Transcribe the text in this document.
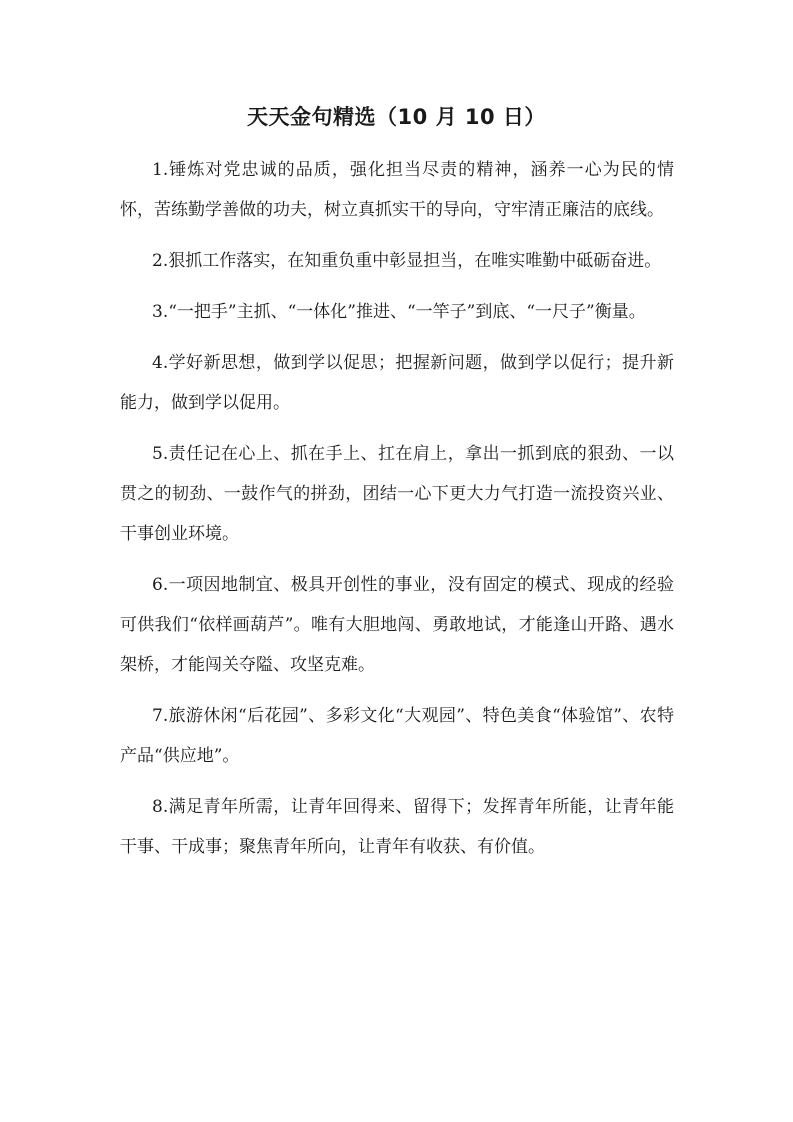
天天金句精选（10 月 10 日）

1.锤炼对党忠诚的品质，强化担当尽责的精神，涵养一心为民的情怀，苦练勤学善做的功夫，树立真抓实干的导向，守牢清正廉洁的底线。

2.狠抓工作落实，在知重负重中彰显担当，在唯实唯勤中砥砺奋进。

3.“一把手”主抓、“一体化”推进、“一竿子”到底、“一尺子”衡量。

4.学好新思想，做到学以促思；把握新问题，做到学以促行；提升新能力，做到学以促用。

5.责任记在心上、抓在手上、扛在肩上，拿出一抓到底的狠劲、一以贯之的韧劲、一鼓作气的拼劲，团结一心下更大力气打造一流投资兴业、干事创业环境。

6.一项因地制宜、极具开创性的事业，没有固定的模式、现成的经验可供我们“依样画葫芦”。唯有大胆地闯、勇敢地试，才能逢山开路、遇水架桥，才能闯关夺隘、攻坚克难。

7.旅游休闲“后花园”、多彩文化“大观园”、特色美食“体验馆”、农特产品“供应地”。

8.满足青年所需，让青年回得来、留得下；发挥青年所能，让青年能干事、干成事；聚焦青年所向，让青年有收获、有价值。
